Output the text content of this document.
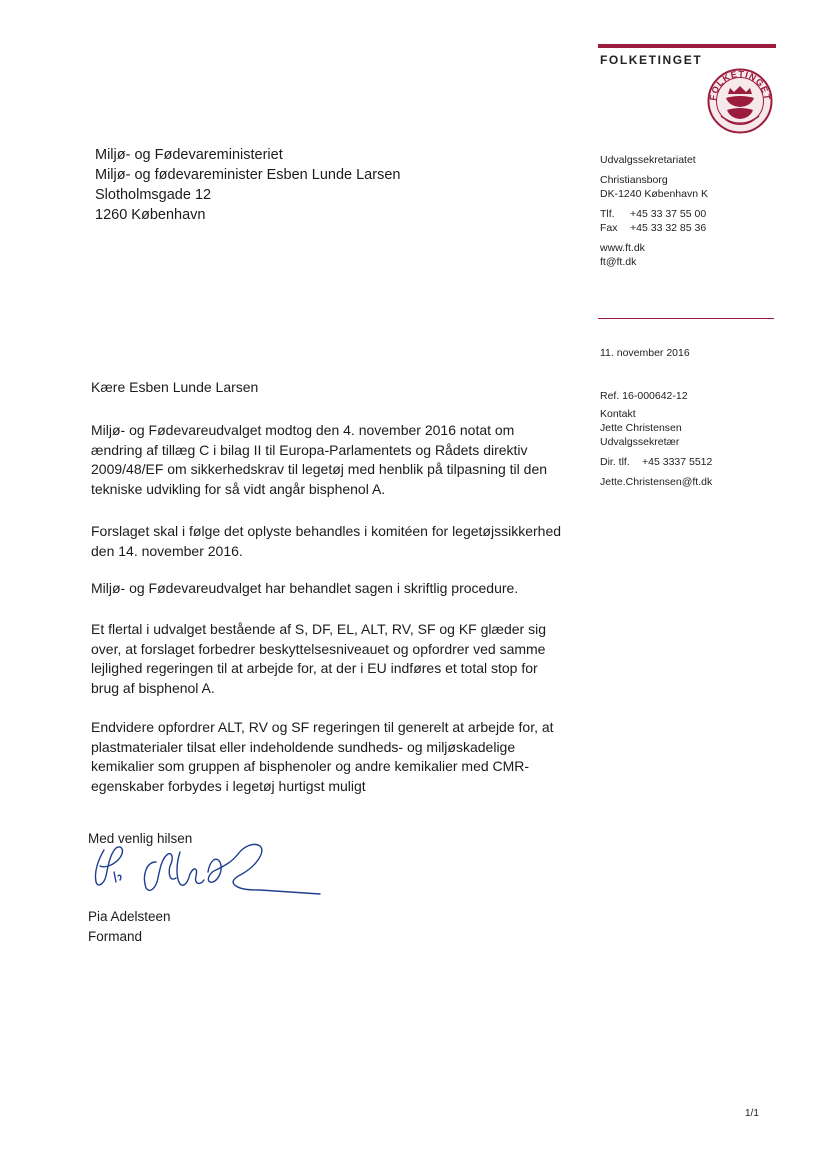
FOLKETINGET
FOLKETINGET
Miljø- og Fødevareministeriet
Miljø- og fødevareminister Esben Lunde Larsen
Slotholmsgade 12
1260 København
Udvalgssekretariatet
Christiansborg
DK-1240 København K
Tlf. +45 33 37 55 00
Fax +45 33 32 85 36
www.ft.dk
ft@ft.dk
11. november 2016
Ref. 16-000642-12
Kontakt
Jette Christensen
Udvalgssekretær
Dir. tlf. +45 3337 5512
Jette.Christensen@ft.dk
Kære Esben Lunde Larsen

Miljø- og Fødevareudvalget modtog den 4. november 2016 notat om ændring af tillæg C i bilag II til Europa-Parlamentets og Rådets direktiv 2009/48/EF om sikkerhedskrav til legetøj med henblik på tilpasning til den tekniske udvikling for så vidt angår bisphenol A.

Forslaget skal i følge det oplyste behandles i komitéen for legetøjssikkerhed den 14. november 2016.

Miljø- og Fødevareudvalget har behandlet sagen i skriftlig procedure.

Et flertal i udvalget bestående af S, DF, EL, ALT, RV, SF og KF glæder sig over, at forslaget forbedrer beskyttelsesniveauet og opfordrer ved samme lejlighed regeringen til at arbejde for, at der i EU indføres et total stop for brug af bisphenol A.

Endvidere opfordrer ALT, RV og SF regeringen til generelt at arbejde for, at plastmaterialer tilsat eller indeholdende sundheds- og miljøskadelige kemikalier som gruppen af bisphenoler og andre kemikalier med CMR-egenskaber forbydes i legetøj hurtigst muligt

Med venlig hilsen
Pia Adelsteen
Formand
1/1
